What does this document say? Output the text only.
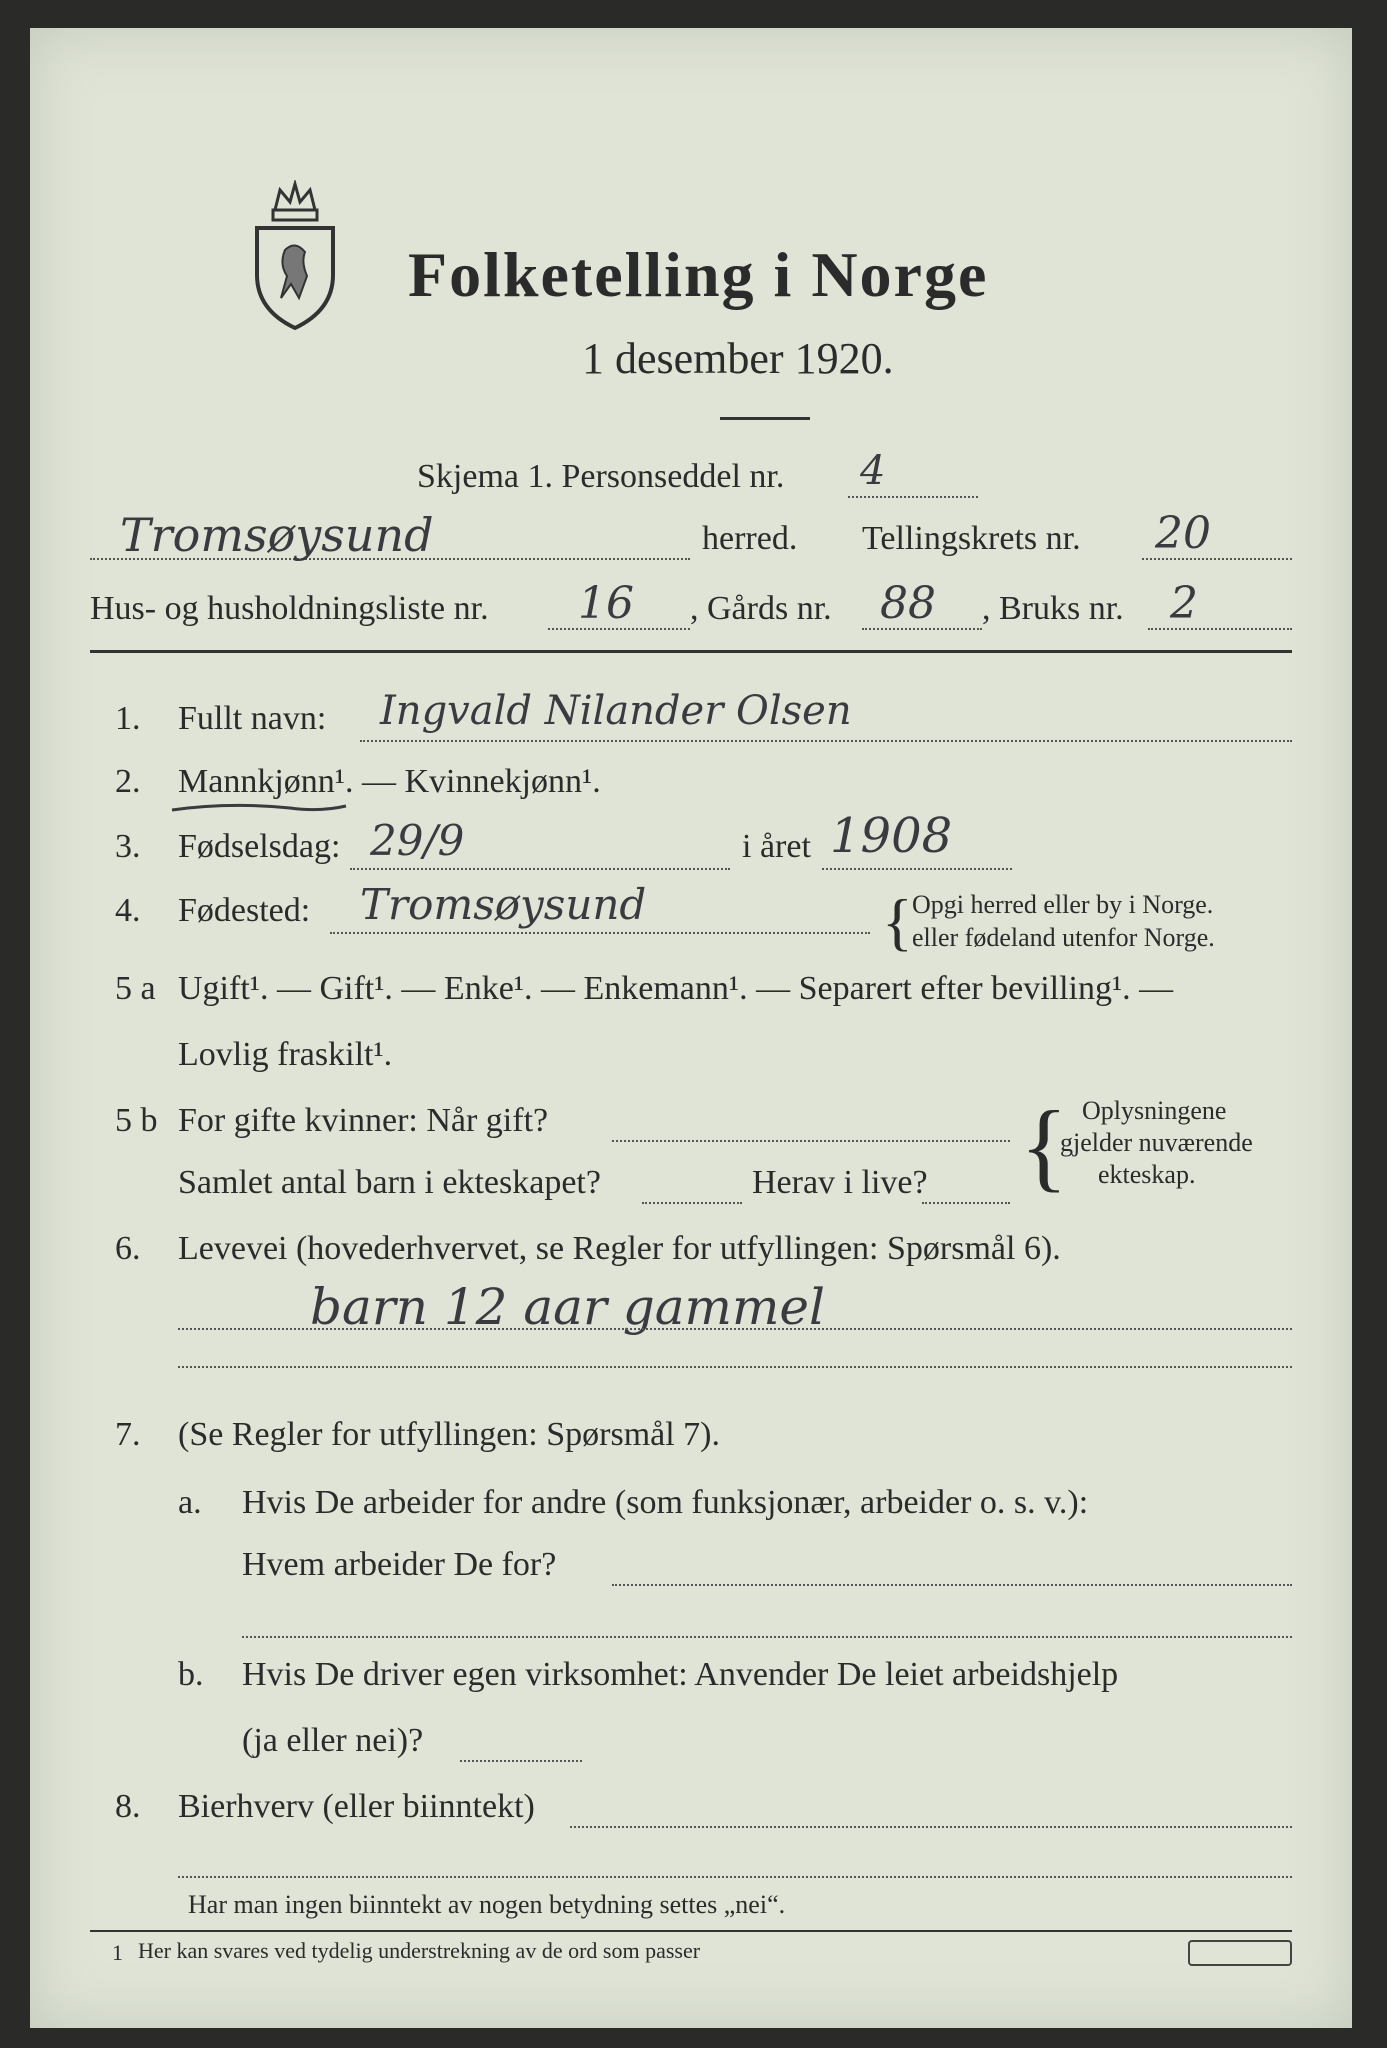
Folketelling i Norge
1 desember 1920.
Skjema 1. Personseddel nr. 4
Tromsøysund	herred. Tellingskrets nr. 20
Hus- og husholdningsliste nr. 16 , Gårds nr. 88 , Bruks nr. 2
1. Fullt navn: Ingvald Nilander Olsen
2. Mannkjønn¹. — Kvinnekjønn¹.
3. Fødselsdag: 29/9	i året 1908
4. Fødested: Tromsøysund	{ Opgi herred eller by i Norge.
eller fødeland utenfor Norge.
5 a Ugift¹. — Gift¹. — Enke¹. — Enkemann¹. — Separert efter bevilling¹. —
Lovlig fraskilt¹.
5 b For gifte kvinner: Når gift?
Samlet antal barn i ekteskapet?	Herav i live? { Oplysningene
gjelder nuværende
ekteskap.
6. Levevei (hovederhvervet, se Regler for utfyllingen: Spørsmål 6).
barn 12 aar gammel
7. (Se Regler for utfyllingen: Spørsmål 7).
a. Hvis De arbeider for andre (som funksjonær, arbeider o. s. v.):
Hvem arbeider De for?
b. Hvis De driver egen virksomhet: Anvender De leiet arbeidshjelp
(ja eller nei)?
8. Bierhverv (eller biinntekt)
Har man ingen biinntekt av nogen betydning settes „nei“.
1 Her kan svares ved tydelig understrekning av de ord som passer
